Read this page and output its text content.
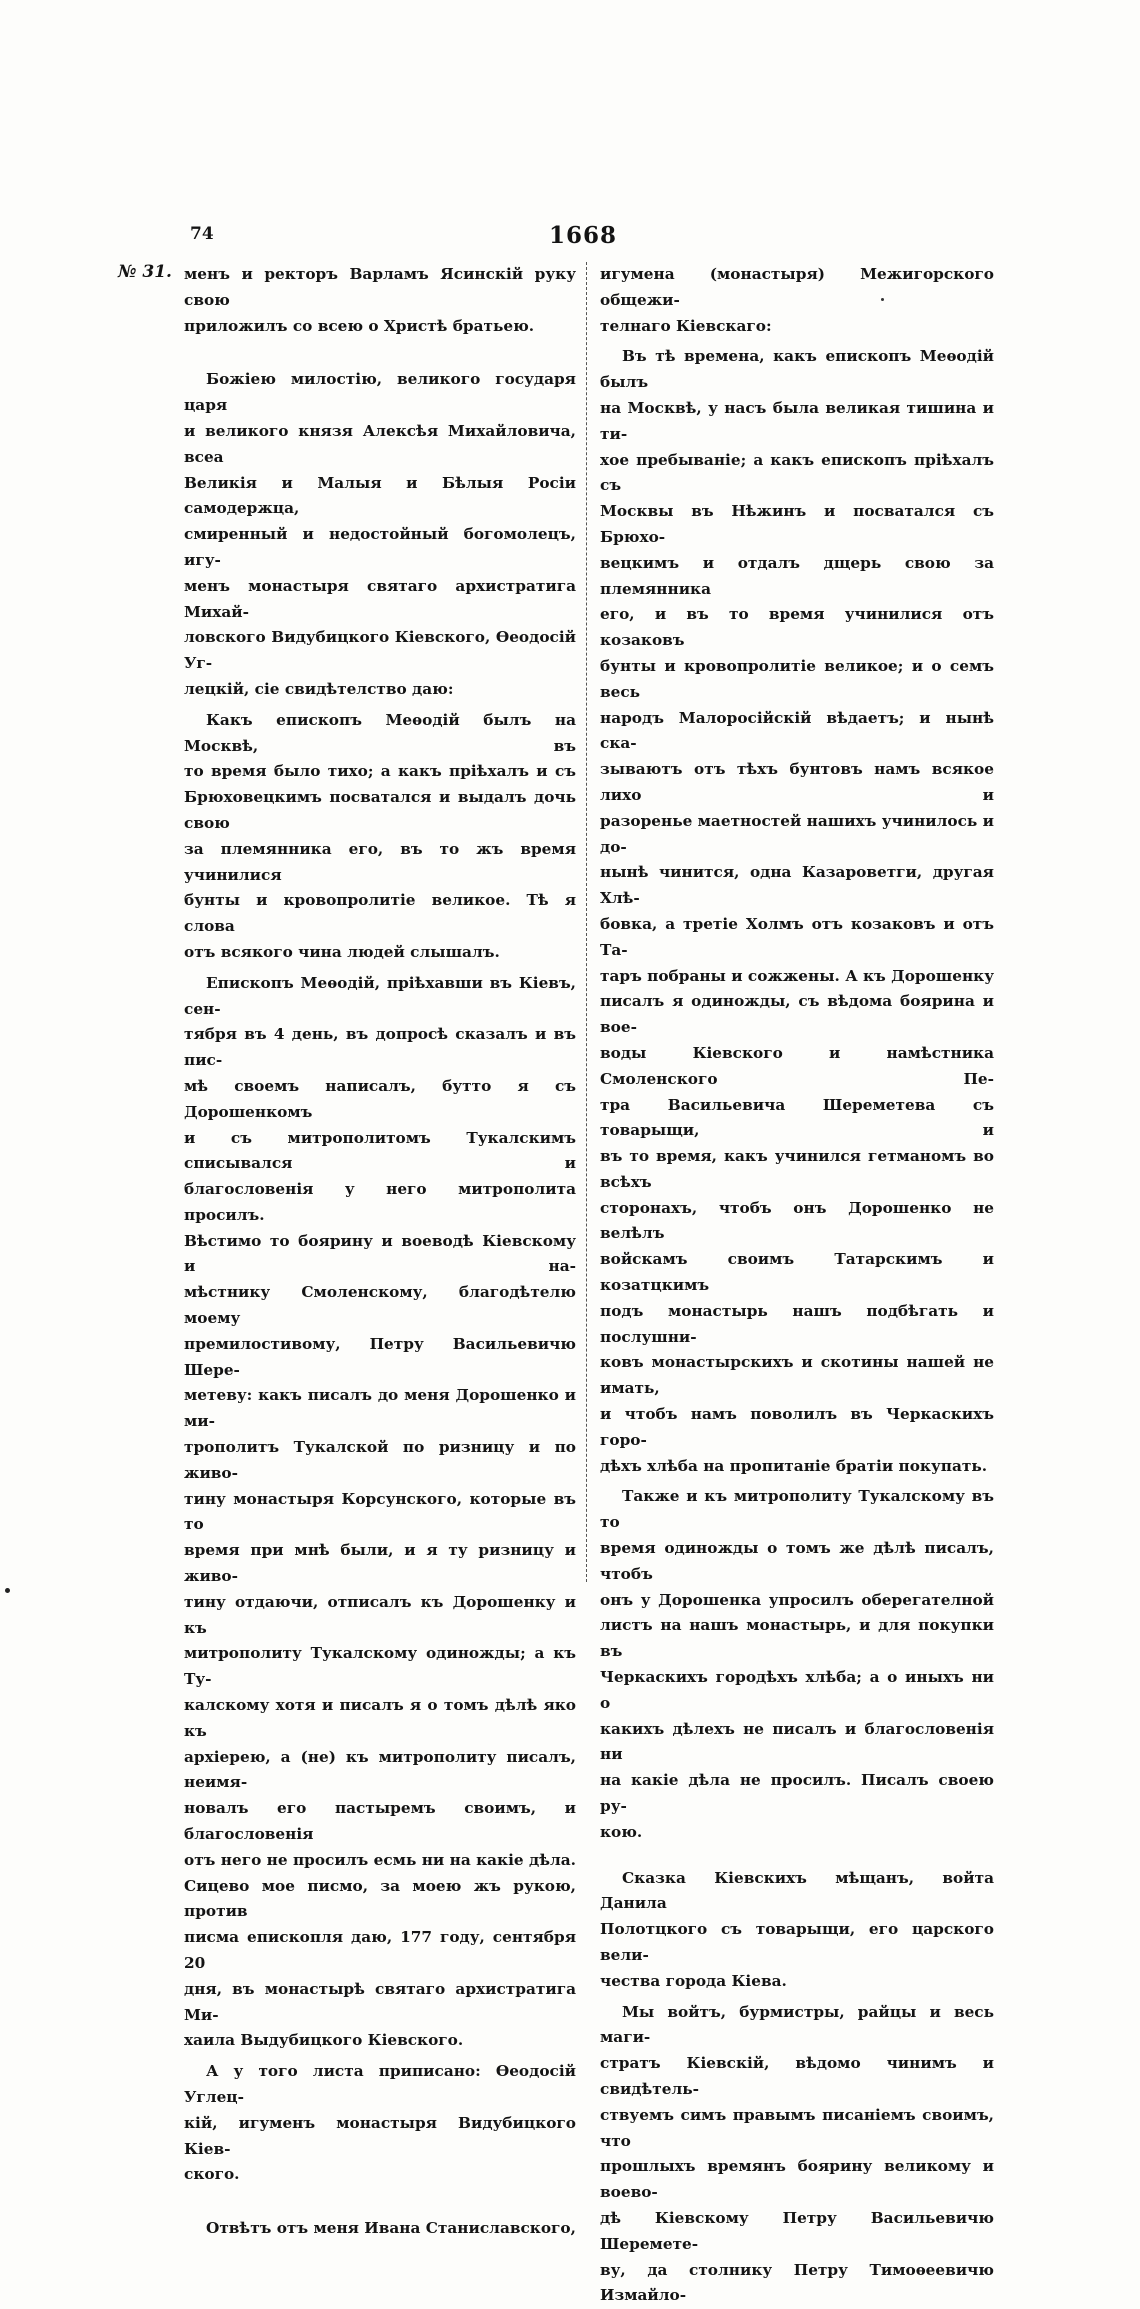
74	1668
№ 31. менъ и ректоръ Варламъ Ясинскій руку свою

приложилъ со всею о Христѣ братьею.

Божіею милостію, великого государя царя

и великого князя Алексѣя Михайловича, всеа

Великія и Малыя и Бѣлыя Росіи самодержца,

смиренный и недостойный богомолецъ, игу-

менъ монастыря святаго архистратига Михай-

ловского Видубицкого Кіевского, Өеодосій Уг-

лецкій, сіе свидѣтелство даю:

Какъ епископъ Меѳодій былъ на Москвѣ, въ

то время было тихо; а какъ пріѣхалъ и съ

Брюховецкимъ посватался и выдалъ дочь свою

за племянника его, въ то жъ время учинилися

бунты и кровопролитіе великое. Тѣ я слова

отъ всякого чина людей слышалъ.

Епископъ Меѳодій, пріѣхавши въ Кіевъ, сен-

тября въ 4 день, въ допросѣ сказалъ и въ пис-

мѣ своемъ написалъ, бутто я съ Дорошенкомъ

и съ митрополитомъ Тукалскимъ списывался и

благословенія у него митрополита просилъ.

Вѣстимо то боярину и воеводѣ Кіевскому и на-

мѣстнику Смоленскому, благодѣтелю моему

премилостивому, Петру Васильевичю Шере-

метеву: какъ писалъ до меня Дорошенко и ми-

трополитъ Тукалской по ризницу и по живо-

тину монастыря Корсунского, которые въ то

время при мнѣ были, и я ту ризницу и живо-

тину отдаючи, отписалъ къ Дорошенку и къ

митрополиту Тукалскому одиножды; а къ Ту-

калскому хотя и писалъ я о томъ дѣлѣ яко къ

архіерею, а (не) къ митрополиту писалъ, неимя-

новалъ его пастыремъ своимъ, и благословенія

отъ него не просилъ есмь ни на какіе дѣла.

Сицево мое писмо, за моею жъ рукою, против

писма епископля даю, 177 году, сентября 20

дня, въ монастырѣ святаго архистратига Ми-

хаила Выдубицкого Кіевского.

А у того листа приписано: Өеодосій Углец-

кій, игуменъ монастыря Видубицкого Кіев-

ского.

Отвѣтъ отъ меня Ивана Станиславского,

игумена (монастыря) Межигорского общежи-

телнаго Кіевскаго:

Въ тѣ времена, какъ епископъ Меѳодій былъ

на Москвѣ, у насъ была великая тишина и ти-

хое пребываніе; а какъ епископъ пріѣхалъ съ

Москвы въ Нѣжинъ и посватался съ Брюхо-

вецкимъ и отдалъ дщерь свою за племянника

его, и въ то время учинилися отъ козаковъ

бунты и кровопролитіе великое; и о семъ весь

народъ Малоросійскій вѣдаетъ; и нынѣ ска-

зываютъ отъ тѣхъ бунтовъ намъ всякое лихо и

разоренье маетностей нашихъ учинилось и до-

нынѣ чинится, одна Казароветги, другая Хлѣ-

бовка, а третіе Холмъ отъ козаковъ и отъ Та-

таръ побраны и сожжены. А къ Дорошенку

писалъ я одиножды, съ вѣдома боярина и вое-

воды Кіевского и намѣстника Смоленского Пе-

тра Васильевича Шереметева съ товарыщи, и

въ то время, какъ учинился гетманомъ во всѣхъ

сторонахъ, чтобъ онъ Дорошенко не велѣлъ

войскамъ своимъ Татарскимъ и козатцкимъ

подъ монастырь нашъ подбѣгать и послушни-

ковъ монастырскихъ и скотины нашей не имать,

и чтобъ намъ поволилъ въ Черкаскихъ горо-

дѣхъ хлѣба на пропитаніе братіи покупать.

Также и къ митрополиту Тукалскому въ то

время одиножды о томъ же дѣлѣ писалъ, чтобъ

онъ у Дорошенка упросилъ оберегателной

листъ на нашъ монастырь, и для покупки въ

Черкаскихъ городѣхъ хлѣба; а о иныхъ ни о

какихъ дѣлехъ не писалъ и благословенія ни

на какіе дѣла не просилъ. Писалъ своею ру-

кою.

Сказка Кіевскихъ мѣщанъ, войта Данила

Полотцкого съ товарыщи, его царского вели-

чества города Кіева.

Мы войтъ, бурмистры, райцы и весь маги-

стратъ Кіевскій, вѣдомо чинимъ и свидѣтель-

ствуемъ симъ правымъ писаніемъ своимъ, что

прошлыхъ времянъ боярину великому и воево-

дѣ Кіевскому Петру Васильевичю Шереметe-

ву, да столнику Петру Тимоѳеевичю Измайло-
